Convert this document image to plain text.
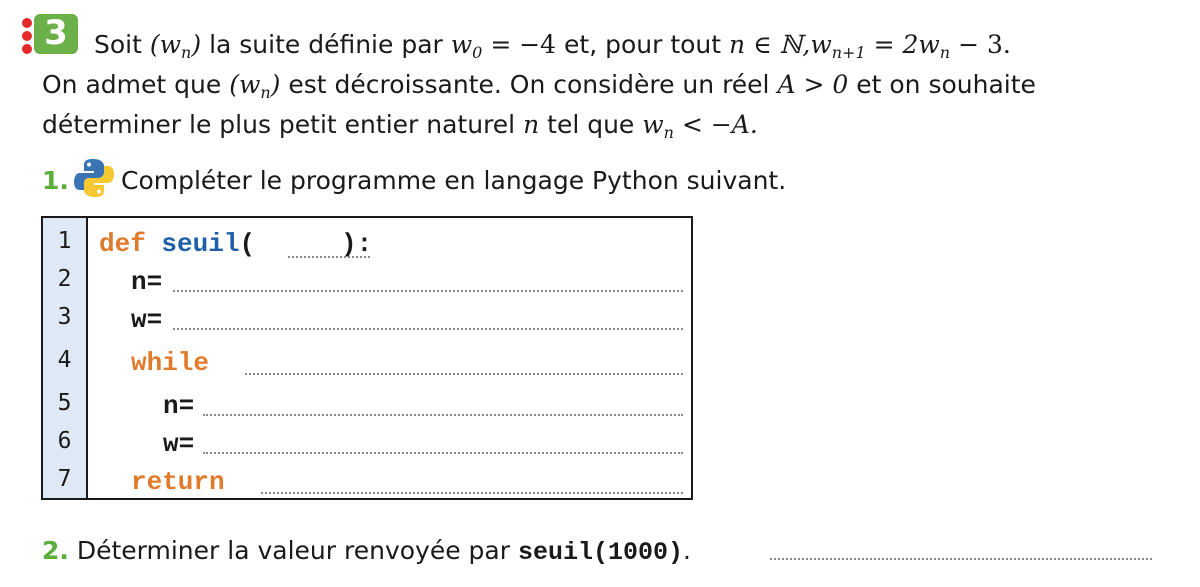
3	Soit $(w_n)$ la suite définie par $w_0 = -4$ et, pour tout n ∈ $ℕ,w_{n+1} = 2w_n - 3$.
On admet que $(w_n)$ est décroissante. On considère un réel A > 0 et on souhaite
déterminer le plus petit entier naturel n tel que $w_n < -A$.
1. Compléter le programme en langage Python suivant.
1
2
3
4
5
6
7
def seuil(	):
n=
w=
while
n=
w=
return
2. Déterminer la valeur renvoyée par seuil(1000).
